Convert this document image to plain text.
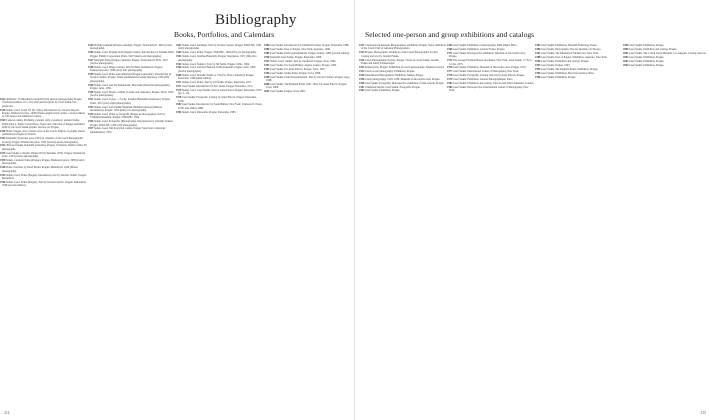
Bibliography
Books, Portfolios, and Calendars

1922–24 Praha: 10 náhodných fotografií (Ten selected photographs) Prague. Vydavatel (edition of ca. 10) with selected prints by Josef Sudek. Not preserved.

1928 Sudek, Josef. Svatý Vít (St. Vitus). Introduction by Jaroslav Durych. Prague: Družstevní práce. 1928 (fifteen original silver prints, a boxed edition of 120 signed and numbered copies).

1929 Celkové otázky, Předměty, polední, stály a koumové, pamatní lístky. Publication 2. Praha: Czech Photo. Notes and collection of images published 2020 by the Josef Sudek graphic. Review ed. Prague.

1936 Praha. Prague. Arts Council: Arts on the Czech. Edition of graphic sheets published by Prague in Vltavín.

1932 Kalendář (Vydavatel press 1933) (a calendar of the Czech Photographic Society). Prague: Družstevní práce. 1932 (seventy-seven photographs).

1932–33 Josef Sudek. Kalendář (calendar). Prague: V Prazích. Druhé vydání. 30 photographs.

1933 Josef Sudek. Calendar Valaše 1933 (Christmas 1933). Prague: Družstevní práce. 1933 (twelve photographs).

1938 Sudek. Calendar Praha (Prague). Prague: Družstevní práce, 1938 (twelve photographs).

1940 Praha. Portfolio by Karel Plicka. Prague: Melantrich, 1940 (fifteen photographs).

1945 Sudek, Josef. Praha (Prague). Introductory text by Jaroslav Seifert. Prague: Melantrich.

1946 Sudek, Josef. Praha (Prague). Text by Jaroslav Seifert. Prague: Melantrich, 1948 (second edition).

1945 Pražský kalendář (Prague calendar). Prague: Vydavatelství, 1945 (twelve photographs).

1946 Sudek, Josef. Pražský hrad (Prague Castle). Introduction by Zdeněk Wirth. Prague: Family Corporation Praha, 1947 (ninety-six photographs).

1947 Kalendář Praha (Prague calendar). Prague: Vydavatelství ELK, 1947 (twelve photographs).

1948 Sudek, Josef. Magic Garden. Text by Hana Sedláčková. Prague: Družstevní práce, 1948 (sixty-four photographs).

1949 Sudek, Josef. Praha panoramatická (Prague panoramic). Introduction by Jaroslav Seifert. Prague: Státní nakladatelství krásné literatury, 1959 (284 photographs).

1950 Sudek, Josef, and Jan Rambousek. Moravské (Moravian photographs). Prague: Artia, 1950.

1950 Sudek, Josef. Hrady a zámky (Castles and chateaux). Prague: Orbis, 1950 (twelve photographs).

1951 Sudek, Josef. Toyen — Čechy: Krajina (Bohemian landscape). Prague: Orbis, 1951 (forty-eight photographs).

1952 Sudek, Josef, and Zdeněk Štěpánek. Hudební nástroje (Musical instruments). Prague: 1952 (thirty-two photographs).

1954 Sudek, Josef. Praha ve fotografii (Prague in photographs). Text by Vladimír Denkstein. Prague: SNKLHU, 1954.

1956 Sudek, Josef. Fotografie (Photographs). Introduction by Lubomír Linhart. Prague: SNKLHU, 1956 (232 photographs).

1957 Sudek, Josef. Náš hrad (Our castle). Prague: Sportovní a turistické nakladatelství, 1957.

1961 Sudek, Josef. Karlštejn. Text by Jaroslav Seifert. Prague: SNKLHU, 1961 (sixty photographs).

1962 Sudek, Josef. Praha. Prague: SNKLHU, 1962 (fifty-six photographs).

1963 Sudek, Josef. Janáček-Hukvaldy. Prague: Supraphon, 1971 (fifty-five photographs).

1964 Sudek, Josef. Šumava: Text by Jiří Šetlík. Prague: Orbis, 1964.

1966 Sudek, Josef, and Petr Helbich. Praha Kalendář. Prague: Artia, 1966 (twelve photographs).

1968 Sudek, Josef. Pražský chrám sv. Víta (St. Vitus Cathedral). Prague: Panorama, 1968 (third edition).

1971 Sudek, Josef. Praha. Text by Jiří Šetlík. Prague: Panorama, 1971.

1971 Josef Sudek. Introduction by Petr Tausk. Prague: Panorama, 1971.

1976 Sudek, Josef. Josef Sudek. Text by Anna Fárová. Prague: Panorama, 1976 (pp. 3–13).

1978 Josef Sudek: Fotografie. Catalog by Anna Fárová. Prague: Panorama, 1978.

1982 Josef Sudek. Introduction by Sonja Bullaty. New York: Clarkson N. Potter, 1978; 2nd edition 1986.

1983 Sudek, Josef. Panorama. Prague: Panorama, 1983.

1986 Josef Sudek. Introduction by Zdeněk Kirschner. Prague: Panorama, 1986.

1988 Josef Sudek. Poet of Prague. New York: Aperture, 1990.

1989 Josef Sudek: Praha panoramatická. Prague: Odeon, 1992 (second edition).

1990 Kalendář Josef Sudek. Prague: Panorama, 1990.

1992 Sudek, Josef. Ateliér. Text by Jan Řezáč. Prague: Torst, 1994.

1993 Josef Sudek. Ed. Sonja Bullaty, Angelo Lomeo. Prague: 1993.

1995 Josef Sudek. Ed. Anna Fárová. Prague: Torst, 1995.

1996 Josef Sudek. Sudek Praha. Prague: Torst, 1996.

1998 Josef Sudek. Praha Panoramatická. Text by Jaroslav Seifert. Prague: Argo, 1998.

2000 Josef Sudek: The Pigment Prints 1947–1954. Ed. Anna Fárová. Prague: Torst, 2000.

2001 Josef Sudek. Prague: Torst, 2001.

214
Selected one-person and group exhibitions and catalogs

1921 Czechoslovak Amateur Photographers exhibition, Prague. Salon exhibition of the Czech Club of Amateur Photographers.

1924 Prague, Photographic exhibition of the Czech Photographic Society. Catalog and text by Jaromír Funke.

1926 Czech Photographic Society, Prague. Works by Josef Sudek, Jaromír Funke and Adolf Schneeberger.

1932 Krásná jizba, Prague. Exhibition of Czech photography. Družstevní práce.

1933 Czech social photography. Exhibition, Prague.

1936 International Photographic Exhibition. Mánes, Prague.

1938 Czech photography, 1918–1938. Museum of Decorative Arts, Prague.

1958 Josef Sudek. Fotografie. Retrospective exhibition. Česká Galerie, Prague.

1961 Umělecká beseda. Josef Sudek: Fotografie. Prague.

1963 Josef Sudek. Exhibition, Prague.

1964 Josef Sudek. Exhibition of photographs. Dům umění, Brno.

1966 Josef Sudek. Exhibition. Galerie Fronta, Prague.

1971 Josef Sudek. Retrospective exhibition. Museum of Decorative Arts, Prague.

1974 The George Eastman House, Rochester, New York. Josef Sudek. 17 Nov.–12 Jan. 1975.

1976 Josef Sudek. Exhibition. Museum of Decorative Arts, Prague, 1976.

1977 Josef Sudek. International Center of Photography, New York.

1978 Josef Sudek: Fotografie. Catalog and text by Anna Fárová. Prague.

1979 Josef Sudek. Exhibition. Galerie Photographique, Paris.

1982 Josef Sudek. Exhibition and catalog. Victoria and Albert Museum, London.

1984 Josef Sudek. Retrospective. International Center of Photography, New York.

1985 Josef Sudek. Exhibition. Museum Folkwang, Essen.

1986 Josef Sudek. Photographs. The Art Institute of Chicago.

1987 Josef Sudek. The Museum of Modern Art, New York.

1988 Josef Sudek. Poet of Prague. Exhibition. Aperture, New York.

1990 Josef Sudek. Exhibition and catalog. Prague.

1993 Josef Sudek. Prague. 1993.

1995 Josef Sudek. The Pigment Prints. Exhibition. Prague.

1996 Josef Sudek. Exhibition. Moravian Gallery, Brno.

1998 Josef Sudek. Exhibition. Prague.

1999 Josef Sudek. Exhibition. Prague.

2000 Josef Sudek. Exhibition and catalog. Prague.

2001 Josef Sudek. The J. Paul Getty Museum, Los Angeles. Catalog and text.

2002 Josef Sudek. Exhibition. Prague.

2003 Josef Sudek. Exhibition. Prague.

2004 Josef Sudek. Exhibition. Prague.

215
